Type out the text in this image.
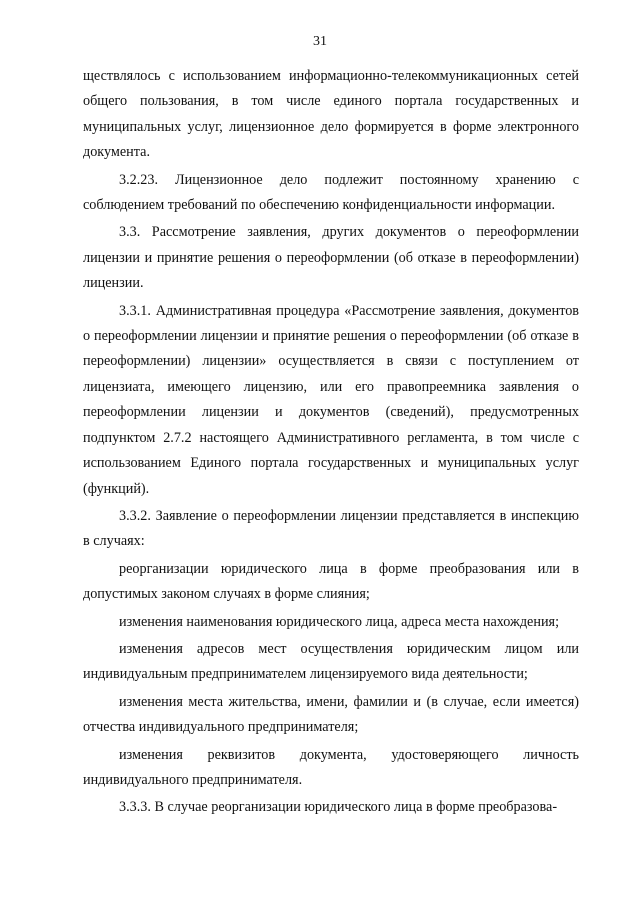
31

ществлялось с использованием информационно-телекоммуникационных сетей общего пользования, в том числе единого портала государственных и муниципальных услуг, лицензионное дело формируется в форме электронного документа.

3.2.23. Лицензионное дело подлежит постоянному хранению с соблюдением требований по обеспечению конфиденциальности информации.

3.3. Рассмотрение заявления, других документов о переоформлении лицензии и принятие решения о переоформлении (об отказе в переоформлении) лицензии.

3.3.1. Административная процедура «Рассмотрение заявления, документов о переоформлении лицензии и принятие решения о переоформлении (об отказе в переоформлении) лицензии» осуществляется в связи с поступлением от лицензиата, имеющего лицензию, или его правопреемника заявления о переоформлении лицензии и документов (сведений), предусмотренных подпунктом 2.7.2 настоящего Административного регламента, в том числе с использованием Единого портала государственных и муниципальных услуг (функций).

3.3.2. Заявление о переоформлении лицензии представляется в инспекцию в случаях:

реорганизации юридического лица в форме преобразования или в допустимых законом случаях в форме слияния;

изменения наименования юридического лица, адреса места нахождения;

изменения адресов мест осуществления юридическим лицом или индивидуальным предпринимателем лицензируемого вида деятельности;

изменения места жительства, имени, фамилии и (в случае, если имеется) отчества индивидуального предпринимателя;

изменения реквизитов документа, удостоверяющего личность индивидуального предпринимателя.

3.3.3. В случае реорганизации юридического лица в форме преобразова-
